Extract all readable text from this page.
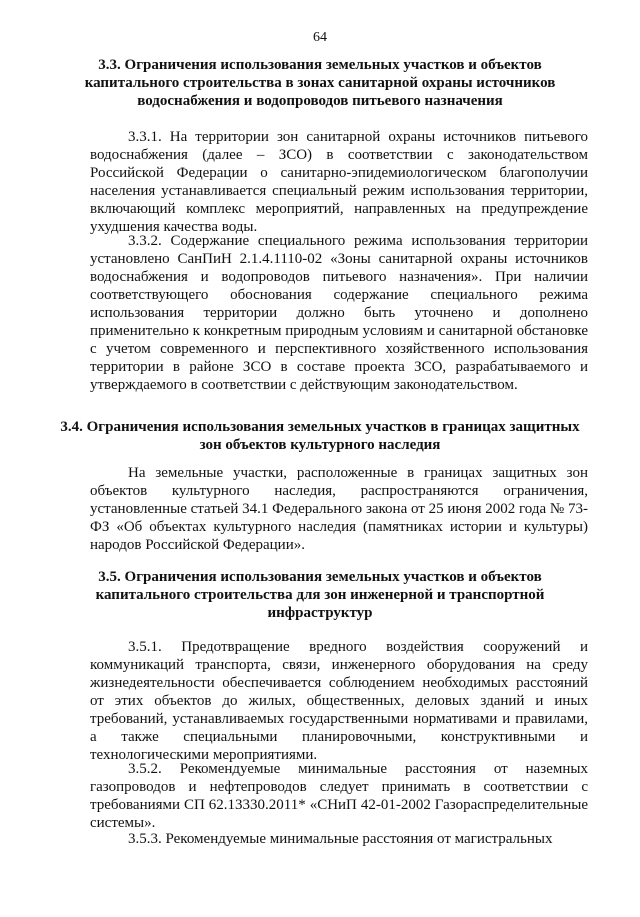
64
3.3. Ограничения использования земельных участков и объектов капитального строительства в зонах санитарной охраны источников водоснабжения и водопроводов питьевого назначения

3.3.1. На территории зон санитарной охраны источников питьевого водоснабжения (далее – ЗСО) в соответствии с законодательством Российской Федерации о санитарно-эпидемиологическом благополучии населения устанавливается специальный режим использования территории, включающий комплекс мероприятий, направленных на предупреждение ухудшения качества воды.

3.3.2. Содержание специального режима использования территории установлено СанПиН 2.1.4.1110-02 «Зоны санитарной охраны источников водоснабжения и водопроводов питьевого назначения». При наличии соответствующего обоснования содержание специального режима использования территории должно быть уточнено и дополнено применительно к конкретным природным условиям и санитарной обстановке с учетом современного и перспективного хозяйственного использования территории в районе ЗСО в составе проекта ЗСО, разрабатываемого и утверждаемого в соответствии с действующим законодательством.

3.4. Ограничения использования земельных участков в границах защитных зон объектов культурного наследия

На земельные участки, расположенные в границах защитных зон объектов культурного наследия, распространяются ограничения, установленные статьей 34.1 Федерального закона от 25 июня 2002 года № 73-ФЗ «Об объектах культурного наследия (памятниках истории и культуры) народов Российской Федерации».

3.5. Ограничения использования земельных участков и объектов капитального строительства для зон инженерной и транспортной инфраструктур

3.5.1. Предотвращение вредного воздействия сооружений и коммуникаций транспорта, связи, инженерного оборудования на среду жизнедеятельности обеспечивается соблюдением необходимых расстояний от этих объектов до жилых, общественных, деловых зданий и иных требований, устанавливаемых государственными нормативами и правилами, а также специальными планировочными, конструктивными и технологическими мероприятиями.

3.5.2. Рекомендуемые минимальные расстояния от наземных газопроводов и нефтепроводов следует принимать в соответствии с требованиями СП 62.13330.2011* «СНиП 42-01-2002 Газораспределительные системы».

3.5.3. Рекомендуемые минимальные расстояния от магистральных
